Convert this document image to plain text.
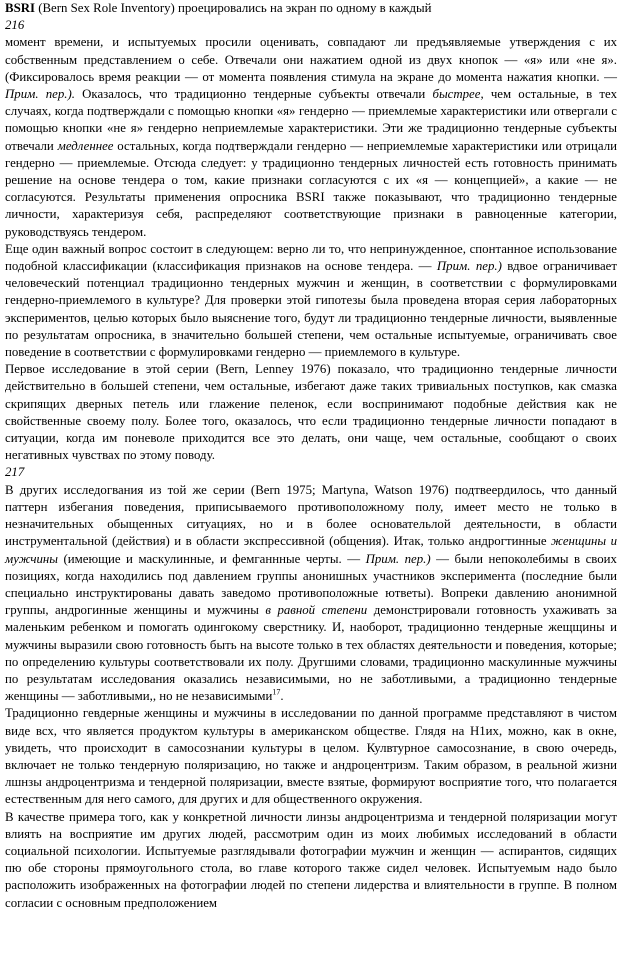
BSRI (Bern Sex Role Inventory) проецировались на экран по одному в каждый

216

момент времени, и испытуемых просили оценивать, совпадают ли предъявляемые утверждения с их собственным представлением о себе. Отвечали они нажатием одной из двух кнопок — «я» или «не я». (Фиксировалось время реакции — от момента появления стимула на экране до момента нажатия кнопки. — Прим. пер.). Оказалось, что традиционно тендерные субъекты отвечали быстрее, чем остальные, в тех случаях, когда подтверждали с помощью кнопки «я» гендерно — приемлемые характеристики или отвергали с помощью кнопки «не я» гендерно неприемлемые характеристики. Эти же традиционно тендерные субъекты отвечали медленнее остальных, когда подтверждали гендерно — неприемлемые характеристики или отрицали гендерно — приемлемые. Отсюда следует: у традиционно тендерных личностей есть готовность принимать решение на основе тендера о том, какие признаки согласуются с их «я — концепцией», а какие — не согласуются. Результаты применения опросника BSRI также показывают, что традиционно тендерные личности, характеризуя себя, распределяют соответствующие признаки в равноценные категории, руководствуясь тендером.

Еще один важный вопрос состоит в следующем: верно ли то, что непринужденное, спонтанное использование подобной классификации (классификация признаков на основе тендера. — Прим. пер.) вдвое ограничивает человеческий потенциал традиционно тендерных мужчин и женщин, в соответствии с формулировками гендерно-приемлемого в культуре? Для проверки этой гипотезы была проведена вторая серия лабораторных экспериментов, целью которых было выяснение того, будут ли традиционно тендерные личности, выявленные по результатам опросника, в значительно большей степени, чем остальные испытуемые, ограничивать свое поведение в соответствии с формулировками гендерно — приемлемого в культуре.

Первое исследование в этой серии (Bern, Lenney 1976) показало, что традиционно тендерные личности действительно в большей степени, чем остальные, избегают даже таких тривиальных поступков, как смазка скрипящих дверных петель или глажение пеленок, если воспринимают подобные действия как не свойственные своему полу. Более того, оказалось, что если традиционно тендерные личности попадают в ситуации, когда им поневоле приходится все это делать, они чаще, чем остальные, сообщают о своих негативных чувствах по этому поводу.

217

В других исследогвания из той же серии (Bern 1975; Martyna, Watson 1976) подтвеердилось, что данный паттерн избегания поведения, приписываемого противоположному полу, имеет место не только в незначительных обыщенных ситуациях, но и в более основательлой деятельности, в области инструментальной (действия) и в области экспрессивной (общения). Итак, только андрогтинные женщины и мужчины (имеющие и маскулинные, и фемганнные черты. — Прим. пер.) — были непоколебимы в своих позициях, когда находились под давлением группы анонишных участников эксперимента (последние были специально инструктированы давать заведомо противоположные ютветы). Вопреки давлению анонимной группы, андрогинные женщины и мужчины в равной степени демонстрировали готовность ухаживать за маленьким ребенком и помогать одингокому сверстнику. И, наоборот, традиционно тендерные жещщины и мужчины выразили свою готовность быть на высоте только в тех областях деятельности и поведения, которые; по определению культуры соответствовали их полу. Другшими словами, традиционно маскулинные мужчины по результатам исследования оказались независимыми, но не заботливыми, а традиционно тендерные женщины — заботливыми,, но не независимыми$^{17}$.

Традиционно гевдерные женщины и мужчины в исследовании по данной программе представляют в чистом виде всх, что является продуктом культуры в американском обществе. Глядя на Н1их, можно, как в окне, увидеть, что происходит в самосознании культуры в целом. Кулвтурное самосознание, в свою очередь, включает не только тендерную поляризацию, но также и андроцентризм. Таким образом, в реальной жизни лшнзы андроцентризма и тендерной поляризации, вместе взятые, формируют восприятие того, что полагается естественным для него самого, для других и для общественного окружения.

В качестве примера того, как у конкретной личности линзы андроцентризма и тендерной поляризации могут влиять на восприятие им других людей, рассмотрим один из моих любимых исследований в области социальной психологии. Испытуемые разглядывали фотографии мужчин и женщин — аспирантов, сидящих пю обе стороны прямоугольного стола, во главе которого также сидел человек. Испытуемым надо было расположить изображенных на фотографии людей по степени лидерства и влиятельности в группе. В полном согласии с основным предположением
